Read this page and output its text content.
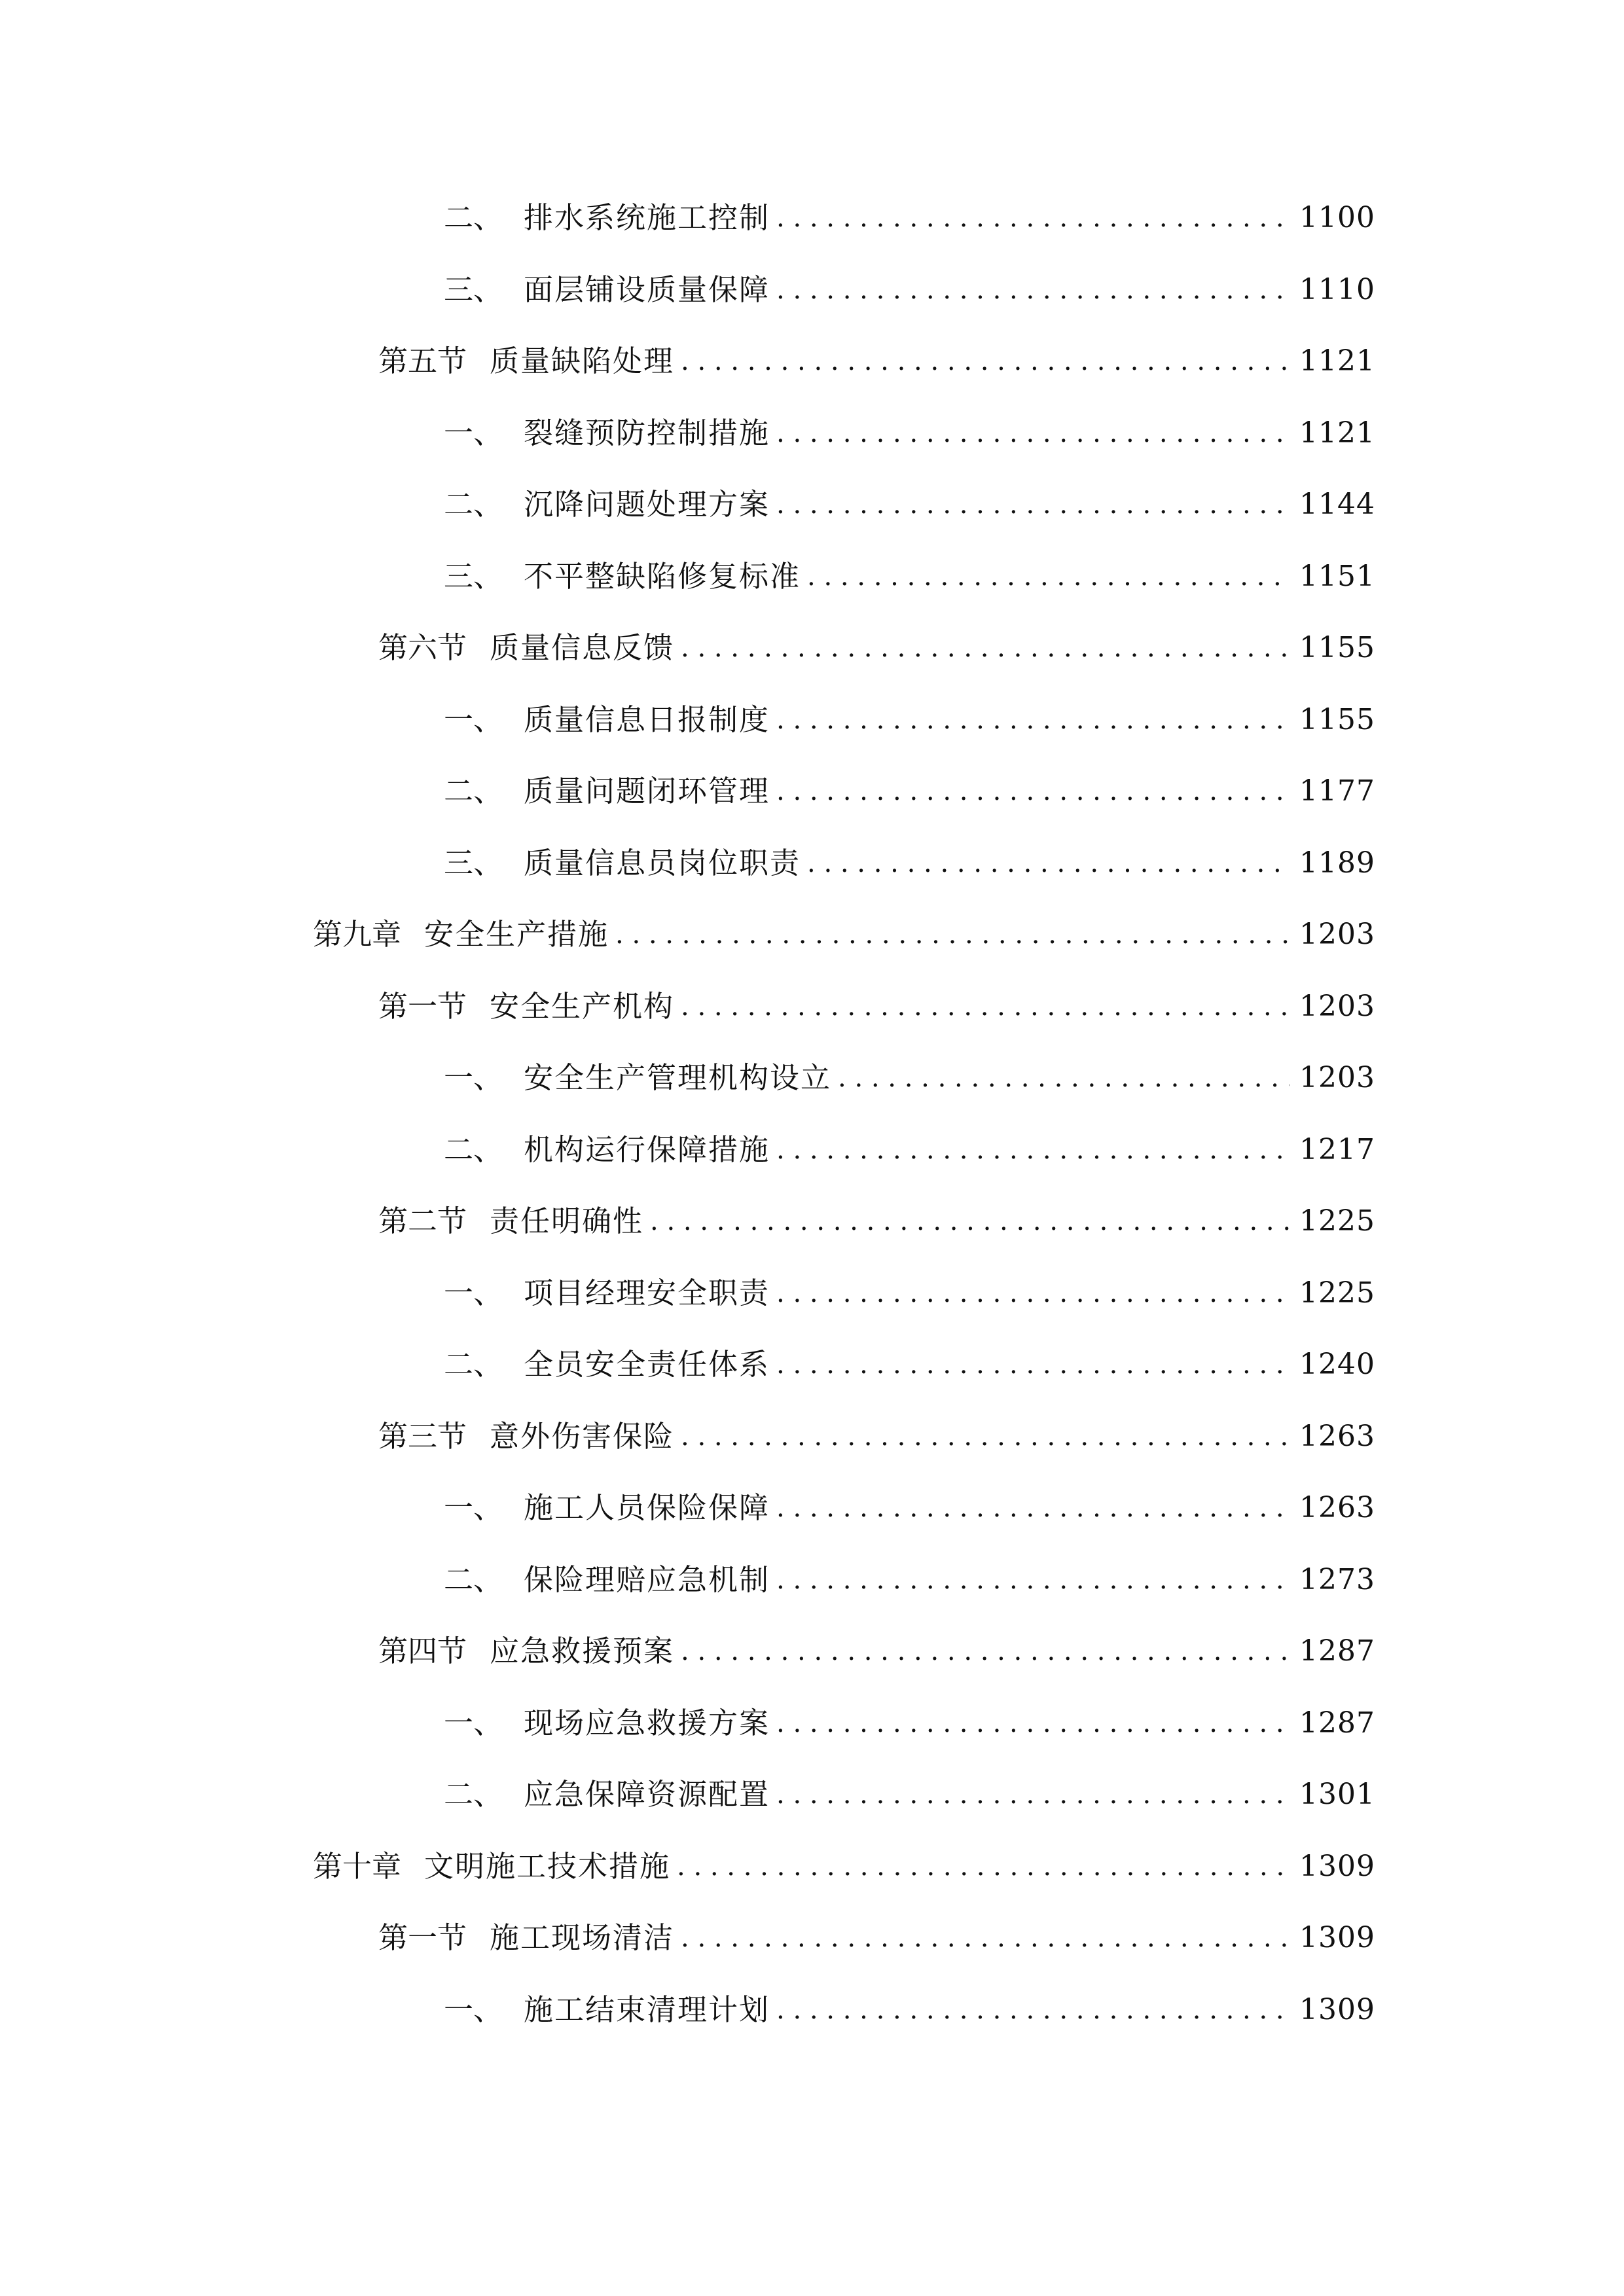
二、 排水系统施工控制 . . .	1100
三、 面层铺设质量保障 . . .	1110
第五节 质量缺陷处理 . . .	1121
一、 裂缝预防控制措施 . . .	1121
二、 沉降问题处理方案 . . .	1144
三、 不平整缺陷修复标准 . . .	1151
第六节 质量信息反馈 . . .	1155
一、 质量信息日报制度 . . .	1155
二、 质量问题闭环管理 . . .	1177
三、 质量信息员岗位职责 . . .	1189
第九章 安全生产措施 . . .	1203
第一节 安全生产机构 . . .	1203
一、 安全生产管理机构设立 . . .	1203
二、 机构运行保障措施 . . .	1217
第二节 责任明确性 . . .	1225
一、 项目经理安全职责 . . .	1225
二、 全员安全责任体系 . . .	1240
第三节 意外伤害保险 . . .	1263
一、 施工人员保险保障 . . .	1263
二、 保险理赔应急机制 . . .	1273
第四节 应急救援预案 . . .	1287
一、 现场应急救援方案 . . .	1287
二、 应急保障资源配置 . . .	1301
第十章 文明施工技术措施 . . .	1309
第一节 施工现场清洁 . . .	1309
一、 施工结束清理计划 . . .	1309
